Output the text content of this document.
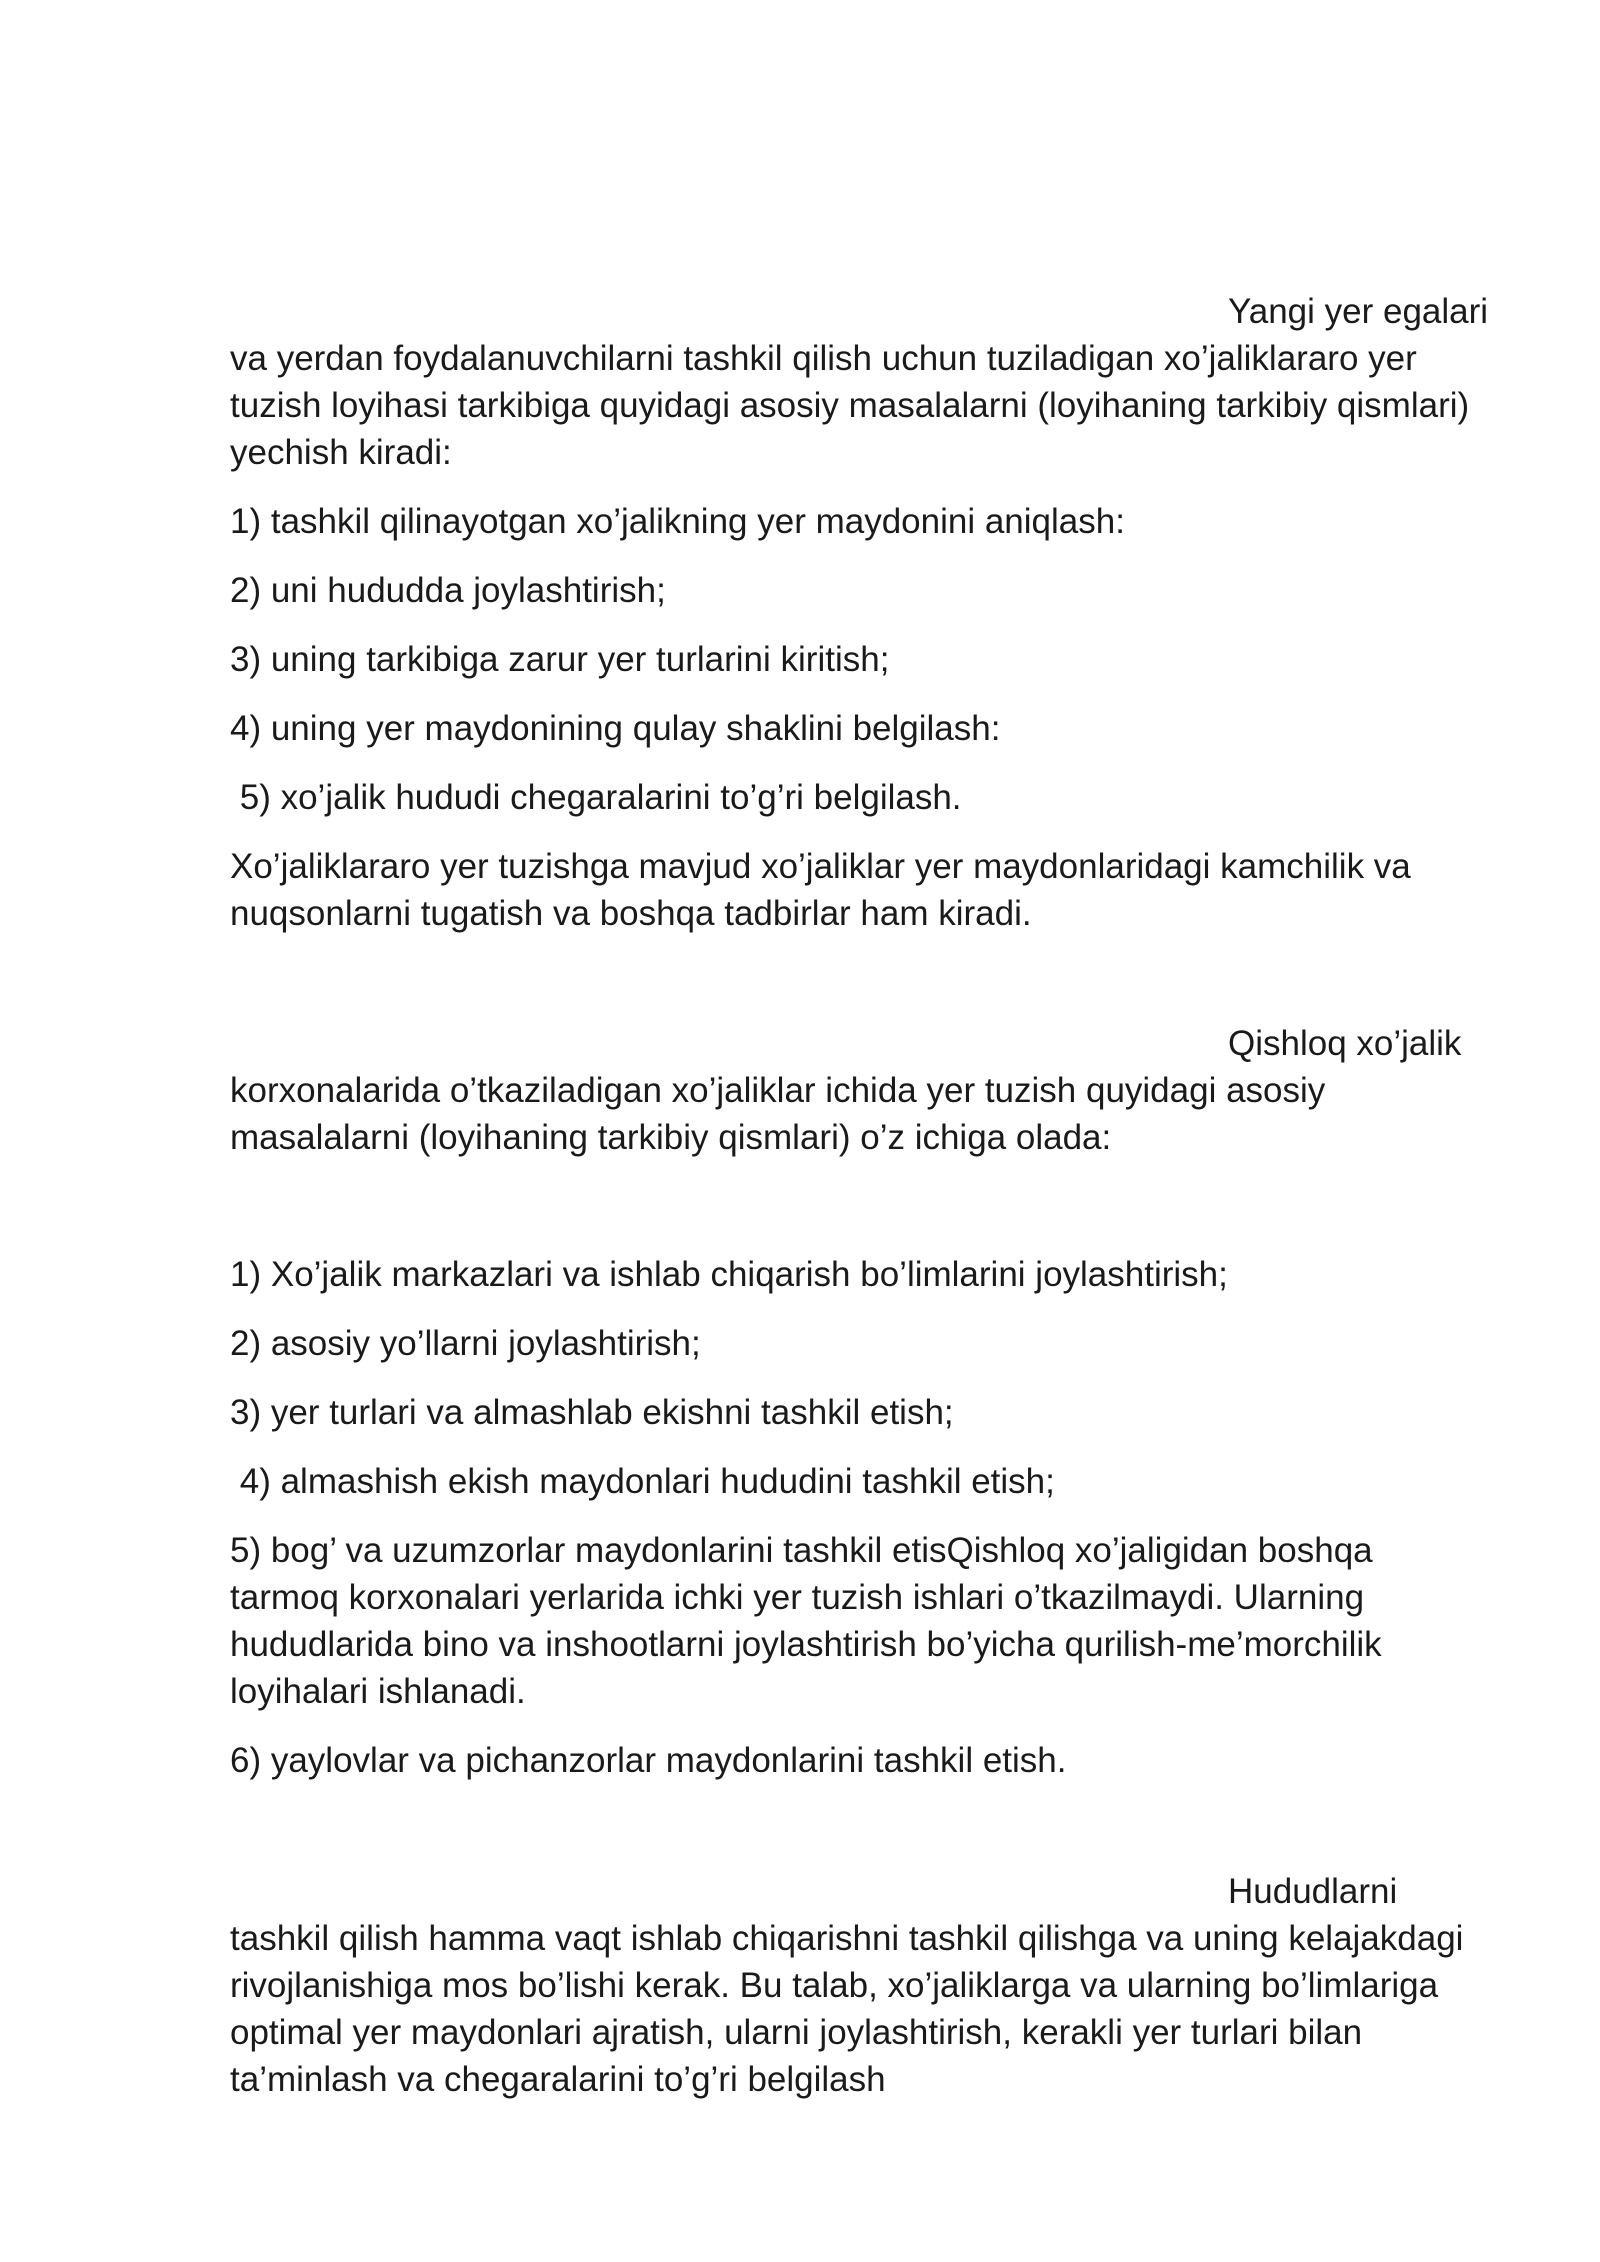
Yangi yer egalari va yerdan foydalanuvchilarni tashkil qilish uchun tuziladigan xo’jaliklararo yer tuzish loyihasi tarkibiga quyidagi asosiy masalalarni (loyihaning tarkibiy qismlari) yechish kiradi:

1) tashkil qilinayotgan xo’jalikning yer maydonini aniqlash:

2) uni hududda joylashtirish;

3) uning tarkibiga zarur yer turlarini kiritish;

4) uning yer maydonining qulay shaklini belgilash:

5) xo’jalik hududi chegaralarini to’g’ri belgilash.

Xo’jaliklararo yer tuzishga mavjud xo’jaliklar yer maydonlaridagi kamchilik va nuqsonlarni tugatish va boshqa tadbirlar ham kiradi.

Qishloq xo’jalik korxonalarida o’tkaziladigan xo’jaliklar ichida yer tuzish quyidagi asosiy masalalarni (loyihaning tarkibiy qismlari) o’z ichiga olada:

1) Xo’jalik markazlari va ishlab chiqarish bo’limlarini joylashtirish;

2) asosiy yo’llarni joylashtirish;

3) yer turlari va almashlab ekishni tashkil etish;

4) almashish ekish maydonlari hududini tashkil etish;

5) bog’ va uzumzorlar maydonlarini tashkil etisQishloq xo’jaligidan boshqa tarmoq korxonalari yerlarida ichki yer tuzish ishlari o’tkazilmaydi. Ularning hududlarida bino va inshootlarni joylashtirish bo’yicha qurilish-me’morchilik loyihalari ishlanadi.

6) yaylovlar va pichanzorlar maydonlarini tashkil etish.

Hududlarni tashkil qilish hamma vaqt ishlab chiqarishni tashkil qilishga va uning kelajakdagi rivojlanishiga mos bo’lishi kerak. Bu talab, xo’jaliklarga va ularning bo’limlariga optimal yer maydonlari ajratish, ularni joylashtirish, kerakli yer turlari bilan ta’minlash va chegaralarini to’g’ri belgilash
